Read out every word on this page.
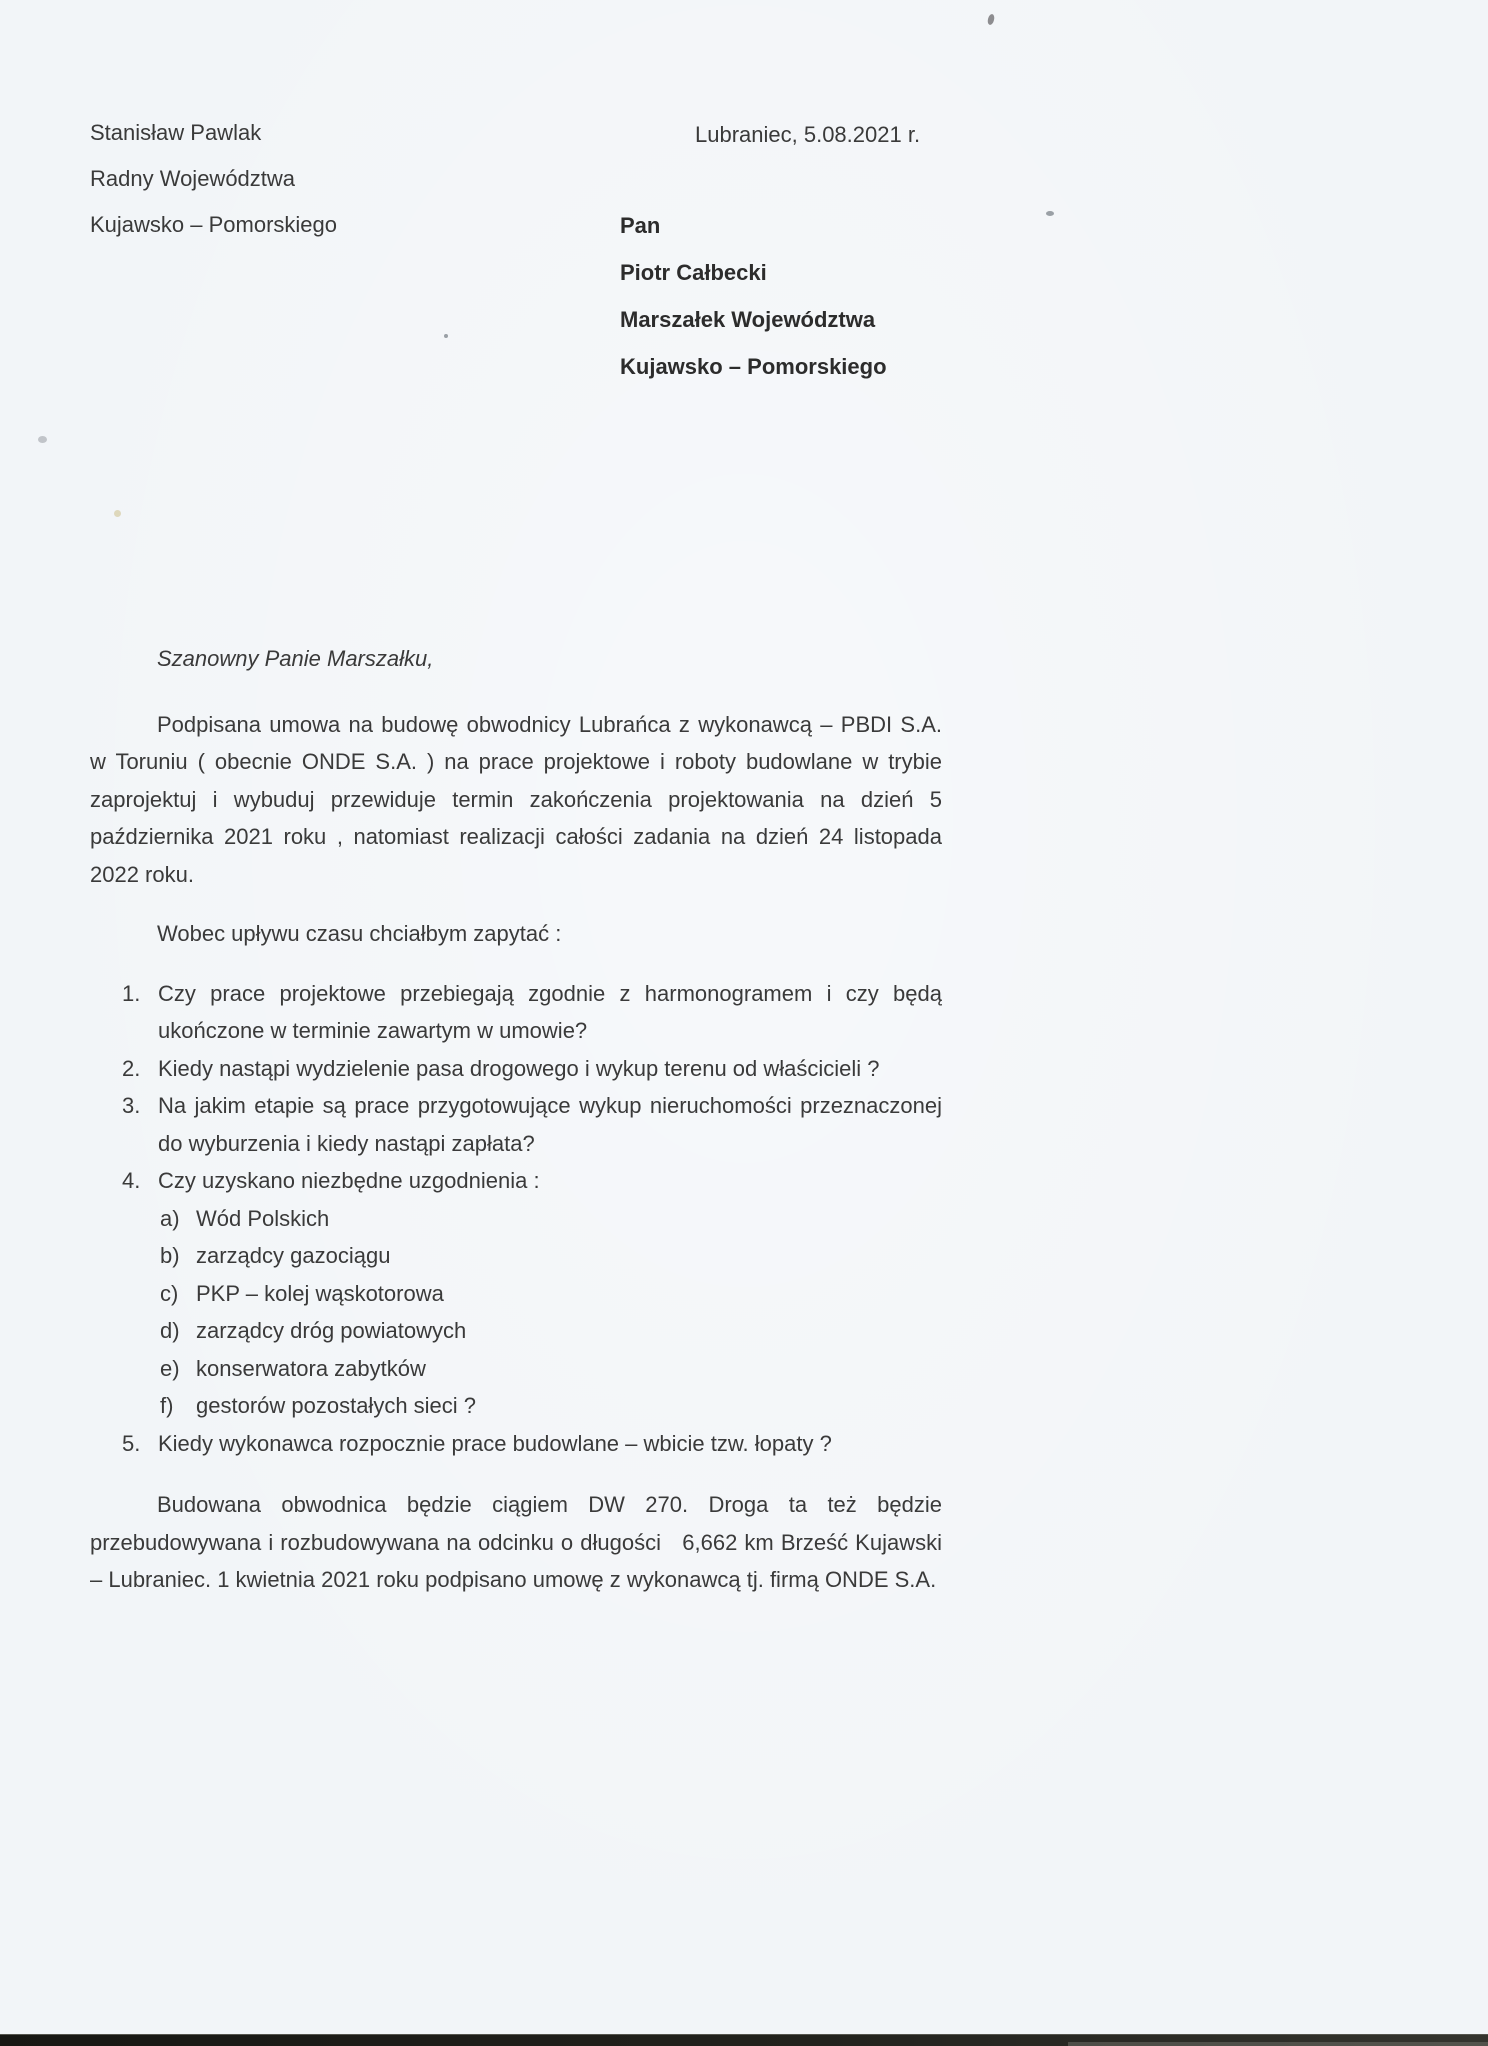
Stanisław Pawlak

Radny Województwa

Kujawsko – Pomorskiego

Lubraniec, 5.08.2021 r.

Pan

Piotr Całbecki

Marszałek Województwa

Kujawsko – Pomorskiego

Szanowny Panie Marszałku,

Podpisana umowa na budowę obwodnicy Lubrańca z wykonawcą – PBDI S.A. w Toruniu ( obecnie ONDE S.A. ) na prace projektowe i roboty budowlane w trybie zaprojektuj i wybuduj przewiduje termin zakończenia projektowania na dzień 5 października 2021 roku , natomiast realizacji całości zadania na dzień 24 listopada 2022 roku.

Wobec upływu czasu chciałbym zapytać :

1. Czy prace projektowe przebiegają zgodnie z harmonogramem i czy będą ukończone w terminie zawartym w umowie?
2. Kiedy nastąpi wydzielenie pasa drogowego i wykup terenu od właścicieli ?
3. Na jakim etapie są prace przygotowujące wykup nieruchomości przeznaczonej do wyburzenia i kiedy nastąpi zapłata?
4. Czy uzyskano niezbędne uzgodnienia :
a) Wód Polskich
b) zarządcy gazociągu
c) PKP – kolej wąskotorowa
d) zarządcy dróg powiatowych
e) konserwatora zabytków
f)	gestorów pozostałych sieci ?
5. Kiedy wykonawca rozpocznie prace budowlane – wbicie tzw. łopaty ?

Budowana obwodnica będzie ciągiem DW 270. Droga ta też będzie przebudowywana i rozbudowywana na odcinku o długości   6,662 km Brześć Kujawski – Lubraniec. 1 kwietnia 2021 roku podpisano umowę z wykonawcą tj. firmą ONDE S.A.
